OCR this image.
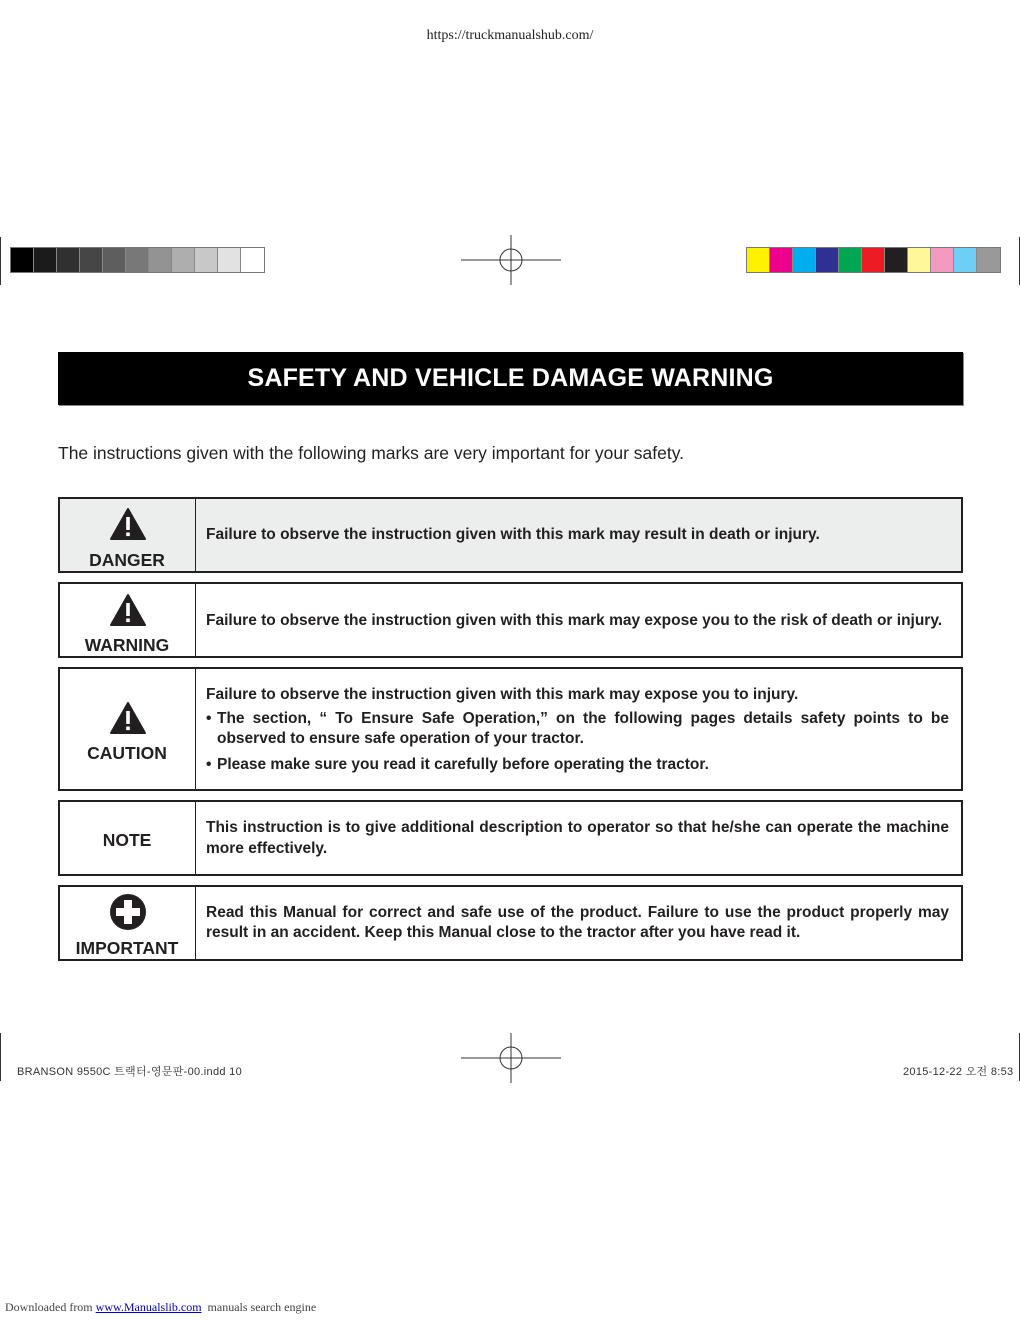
https://truckmanualshub.com/
SAFETY AND VEHICLE DAMAGE WARNING
The instructions given with the following marks are very important for your safety.
DANGER
Failure to observe the instruction given with this mark may result in death or injury.
WARNING
Failure to observe the instruction given with this mark may expose you to the risk of death or injury.
CAUTION
Failure to observe the instruction given with this mark may expose you to injury.
• The section, “ To Ensure Safe Operation,” on the following pages details safety points to be observed to ensure safe operation of your tractor.
• Please make sure you read it carefully before operating the tractor.
NOTE
This instruction is to give additional description to operator so that he/she can operate the machine more effectively.
IMPORTANT
Read this Manual for correct and safe use of the product. Failure to use the product properly may result in an accident. Keep this Manual close to the tractor after you have read it.
BRANSON 9550C 트랙터-영문판-00.indd 10	2015-12-22 오전 8:53
Downloaded from www.Manualslib.com manuals search engine
